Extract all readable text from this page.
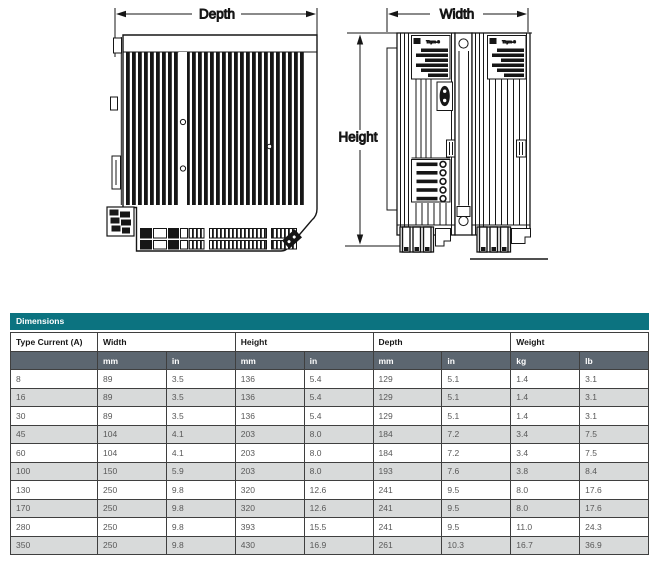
Depth	Width
Height
Thyro-S	Thyro-S
Dimensions
Type Current (A)	Width		Height		Depth		Weight	
	mm	in	mm	in	mm	in	kg	lb
8	89	3.5	136	5.4	129	5.1	1.4	3.1
16	89	3.5	136	5.4	129	5.1	1.4	3.1
30	89	3.5	136	5.4	129	5.1	1.4	3.1
45	104	4.1	203	8.0	184	7.2	3.4	7.5
60	104	4.1	203	8.0	184	7.2	3.4	7.5
100	150	5.9	203	8.0	193	7.6	3.8	8.4
130	250	9.8	320	12.6	241	9.5	8.0	17.6
170	250	9.8	320	12.6	241	9.5	8.0	17.6
280	250	9.8	393	15.5	241	9.5	11.0	24.3
350	250	9.8	430	16.9	261	10.3	16.7	36.9
